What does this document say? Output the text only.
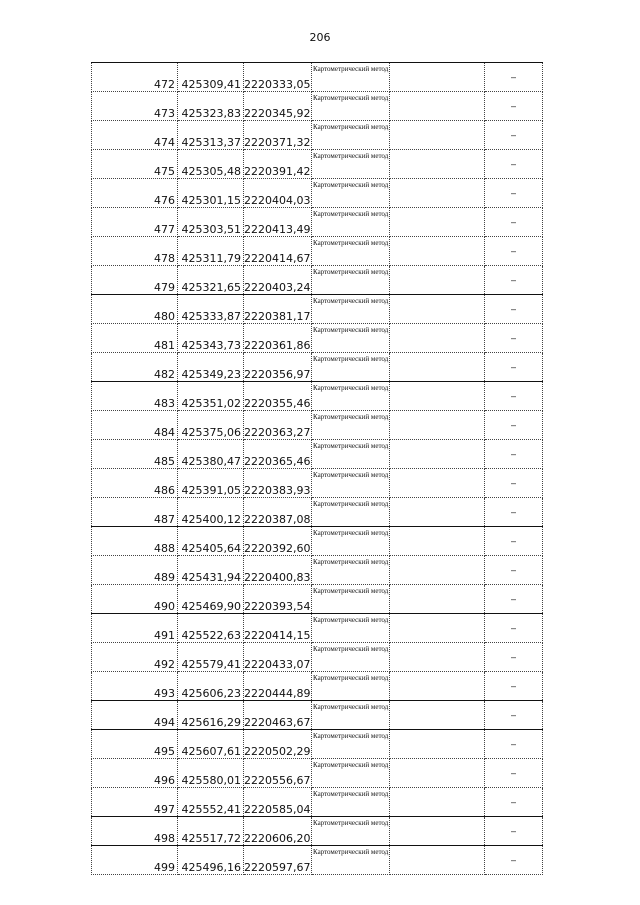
206
472	425309,41	2220333,05	Картометрический метод		–
473	425323,83	2220345,92	Картометрический метод		–
474	425313,37	2220371,32	Картометрический метод		–
475	425305,48	2220391,42	Картометрический метод		–
476	425301,15	2220404,03	Картометрический метод		–
477	425303,51	2220413,49	Картометрический метод		–
478	425311,79	2220414,67	Картометрический метод		–
479	425321,65	2220403,24	Картометрический метод		–
480	425333,87	2220381,17	Картометрический метод		–
481	425343,73	2220361,86	Картометрический метод		–
482	425349,23	2220356,97	Картометрический метод		–
483	425351,02	2220355,46	Картометрический метод		–
484	425375,06	2220363,27	Картометрический метод		–
485	425380,47	2220365,46	Картометрический метод		–
486	425391,05	2220383,93	Картометрический метод		–
487	425400,12	2220387,08	Картометрический метод		–
488	425405,64	2220392,60	Картометрический метод		–
489	425431,94	2220400,83	Картометрический метод		–
490	425469,90	2220393,54	Картометрический метод		–
491	425522,63	2220414,15	Картометрический метод		–
492	425579,41	2220433,07	Картометрический метод		–
493	425606,23	2220444,89	Картометрический метод		–
494	425616,29	2220463,67	Картометрический метод		–
495	425607,61	2220502,29	Картометрический метод		–
496	425580,01	2220556,67	Картометрический метод		–
497	425552,41	2220585,04	Картометрический метод		–
498	425517,72	2220606,20	Картометрический метод		–
499	425496,16	2220597,67	Картометрический метод		–
